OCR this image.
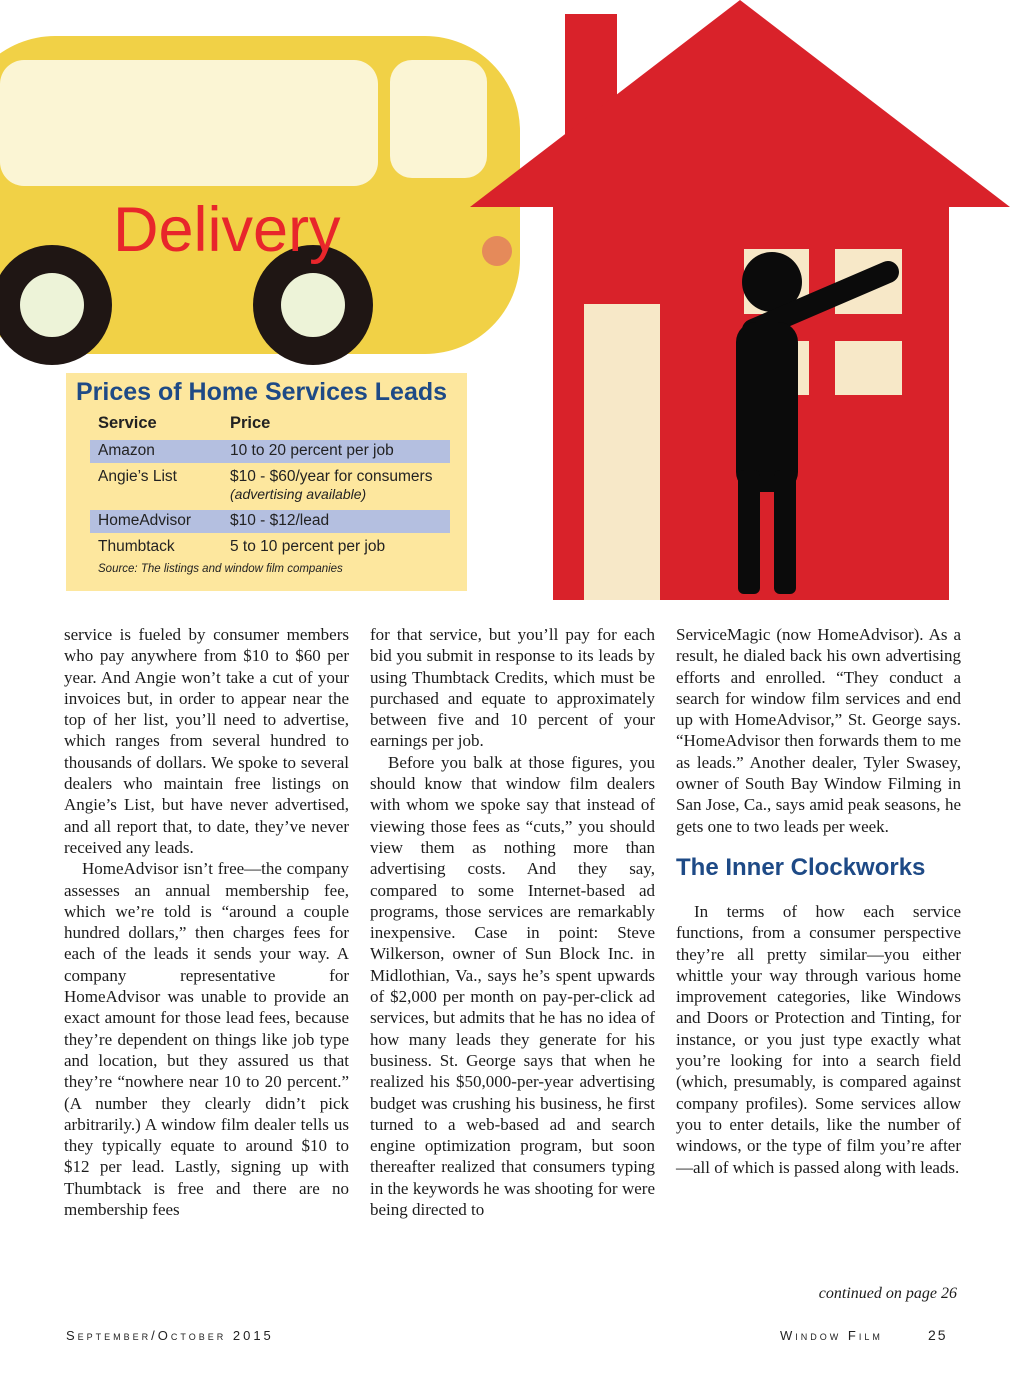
Delivery
Prices of Home Services Leads
Service	Price
Amazon	10 to 20 percent per job
Angie’s List	$10 - $60/year for consumers
(advertising available)
HomeAdvisor	$10 - $12/lead
Thumbtack	5 to 10 percent per job
Source: The listings and window film companies

service is fueled by consumer members who pay anywhere from $10 to $60 per year. And Angie won’t take a cut of your invoices but, in order to appear near the top of her list, you’ll need to advertise, which ranges from several hundred to thousands of dollars. We spoke to several dealers who maintain free listings on Angie’s List, but have never advertised, and all report that, to date, they’ve never received any leads.

HomeAdvisor isn’t free—the company assesses an annual membership fee, which we’re told is “around a couple hundred dollars,” then charges fees for each of the leads it sends your way. A company representative for HomeAdvisor was unable to provide an exact amount for those lead fees, because they’re dependent on things like job type and location, but they assured us that they’re “nowhere near 10 to 20 percent.” (A number they clearly didn’t pick arbitrarily.) A window film dealer tells us they typically equate to around $10 to $12 per lead. Lastly, signing up with Thumbtack is free and there are no membership fees

for that service, but you’ll pay for each bid you submit in response to its leads by using Thumbtack Credits, which must be purchased and equate to approximately between five and 10 percent of your earnings per job.

Before you balk at those figures, you should know that window film dealers with whom we spoke say that instead of viewing those fees as “cuts,” you should view them as nothing more than advertising costs. And they say, compared to some Internet-based ad programs, those services are remarkably inexpensive. Case in point: Steve Wilkerson, owner of Sun Block Inc. in Midlothian, Va., says he’s spent upwards of $2,000 per month on pay-per-click ad services, but admits that he has no idea of how many leads they generate for his business. St. George says that when he realized his $50,000-per-year advertising budget was crushing his business, he first turned to a web-based ad and search engine optimization program, but soon thereafter realized that consumers typing in the keywords he was shooting for were being directed to

ServiceMagic (now HomeAdvisor). As a result, he dialed back his own advertising efforts and enrolled. “They conduct a search for window film services and end up with HomeAdvisor,” St. George says. “HomeAdvisor then forwards them to me as leads.” Another dealer, Tyler Swasey, owner of South Bay Window Filming in San Jose, Ca., says amid peak seasons, he gets one to two leads per week.

The Inner Clockworks

In terms of how each service functions, from a consumer perspective they’re all pretty similar—you either whittle your way through various home improvement categories, like Windows and Doors or Protection and Tinting, for instance, or you just type exactly what you’re looking for into a search field (which, presumably, is compared against company profiles). Some services allow you to enter details, like the number of windows, or the type of film you’re after—all of which is passed along with leads.

continued on page 26
September/October 2015	Window Film	25
